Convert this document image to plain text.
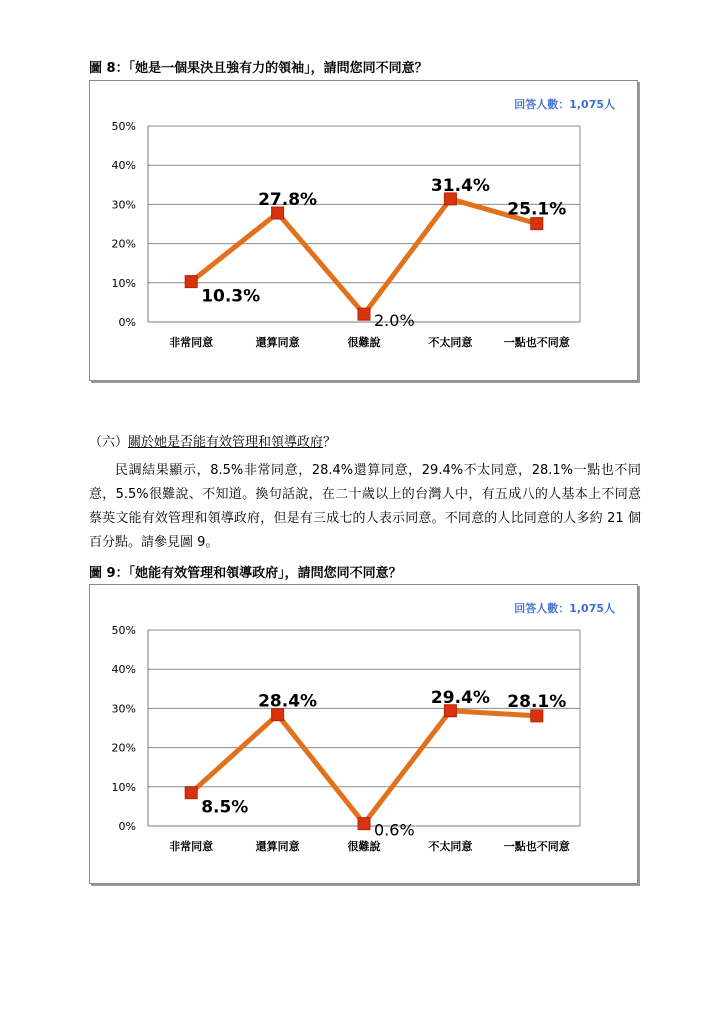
圖 8：「她是一個果決且強有力的領袖」，請問您同不同意？
回答人數：1,075人
0%
10%
20%
30%
40%
50%
非常同意	還算同意	很難說	不太同意	一點也不同意
10.3%
27.8%
2.0%
31.4%
25.1%
（六）關於她是否能有效管理和領導政府？

民調結果顯示，8.5%非常同意，28.4%還算同意，29.4%不太同意，28.1%一點也不同意，5.5%很難說、不知道。換句話說，在二十歲以上的台灣人中，有五成八的人基本上不同意蔡英文能有效管理和領導政府，但是有三成七的人表示同意。不同意的人比同意的人多約 21 個百分點。請參見圖 9。

圖 9：「她能有效管理和領導政府」，請問您同不同意？
回答人數：1,075人
0%
10%
20%
30%
40%
50%
非常同意	還算同意	很難說	不太同意	一點也不同意
8.5%
28.4%
0.6%
29.4% 28.1%
